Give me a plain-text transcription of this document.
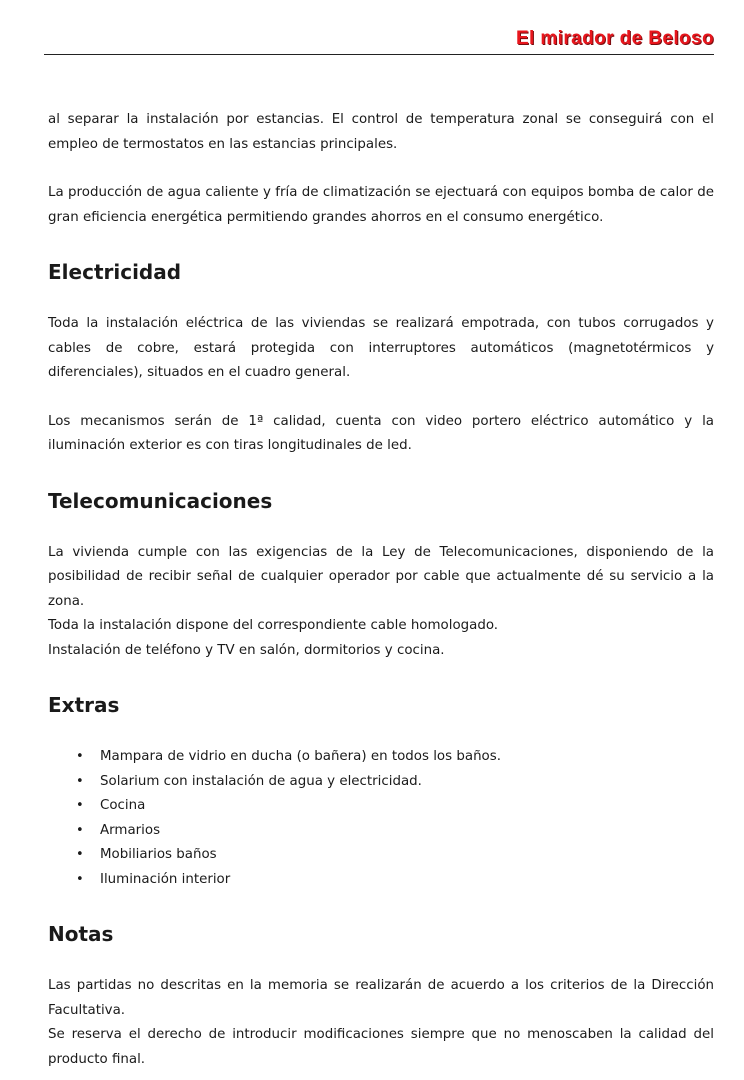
El mirador de Beloso

al separar la instalación por estancias. El control de temperatura zonal se conseguirá con el empleo de termostatos en las estancias principales.

La producción de agua caliente y fría de climatización se ejectuará con equipos bomba de calor de gran eficiencia energética permitiendo grandes ahorros en el consumo energético.

Electricidad

Toda la instalación eléctrica de las viviendas se realizará empotrada, con tubos corrugados y cables de cobre, estará protegida con interruptores automáticos (magnetotérmicos y diferenciales), situados en el cuadro general.

Los mecanismos serán de 1ª calidad, cuenta con video portero eléctrico automático y la iluminación exterior es con tiras longitudinales de led.

Telecomunicaciones

La vivienda cumple con las exigencias de la Ley de Telecomunicaciones, disponiendo de la posibilidad de recibir señal de cualquier operador por cable que actualmente dé su servicio a la zona.

Toda la instalación dispone del correspondiente cable homologado.

Instalación de teléfono y TV en salón, dormitorios y cocina.

Extras
• Mampara de vidrio en ducha (o bañera) en todos los baños.
• Solarium con instalación de agua y electricidad.
• Cocina
• Armarios
• Mobiliarios baños
• Iluminación interior
Notas

Las partidas no descritas en la memoria se realizarán de acuerdo a los criterios de la Dirección Facultativa.

Se reserva el derecho de introducir modificaciones siempre que no menoscaben la calidad del producto final.
